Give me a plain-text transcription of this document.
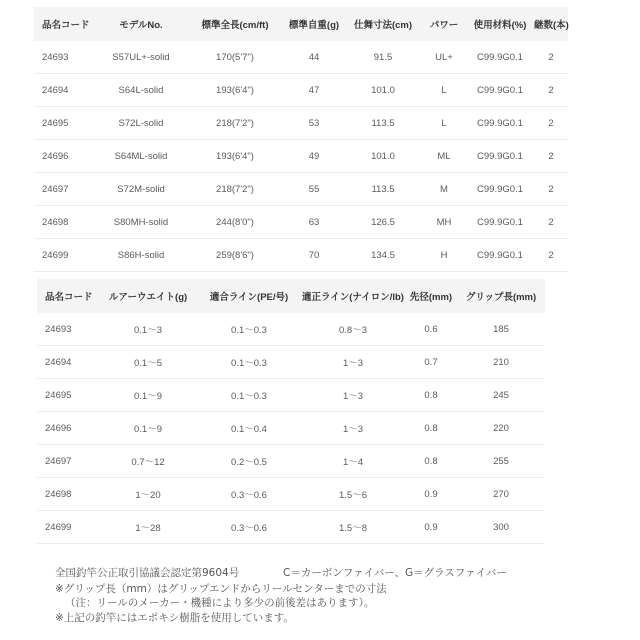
品名コード	モデルNo.	標準全長(cm/ft)	標準自重(g)	仕舞寸法(cm)	パワー	使用材料(%)	継数(本)
24693	S57UL+-solid	170(5'7")	44	91.5	UL+	C99.9G0.1	2
24694	S64L-solid	193(6'4")	47	101.0	L	C99.9G0.1	2
24695	S72L-solid	218(7'2")	53	113.5	L	C99.9G0.1	2
24696	S64ML-solid	193(6'4")	49	101.0	ML	C99.9G0.1	2
24697	S72M-solid	218(7'2")	55	113.5	M	C99.9G0.1	2
24698	S80MH-solid	244(8'0")	63	126.5	MH	C99.9G0.1	2
24699	S86H-solid	259(8'6")	70	134.5	H	C99.9G0.1	2
品名コード	ルアーウエイト(g)	適合ライン(PE/号)	適正ライン(ナイロン/lb)	先径(mm)	グリップ長(mm)
24693	0.1～3	0.1～0.3	0.8～3	0.6	185
24694	0.1～5	0.1～0.3	1～3	0.7	210
24695	0.1～9	0.1～0.3	1～3	0.8	245
24696	0.1～9	0.1～0.4	1～3	0.8	220
24697	0.7～12	0.2～0.5	1～4	0.8	255
24698	1～20	0.3～0.6	1.5～6	0.9	270
24699	1～28	0.3～0.6	1.5～8	0.9	300
全国釣竿公正取引協議会認定第9604号	C＝カーボンファイバー、G＝グラスファイバー
※グリップ長（mm）はグリップエンドからリールセンターまでの寸法
（注：リールのメーカー・機種により多少の前後差はあります）。
※上記の釣竿にはエポキシ樹脂を使用しています。
